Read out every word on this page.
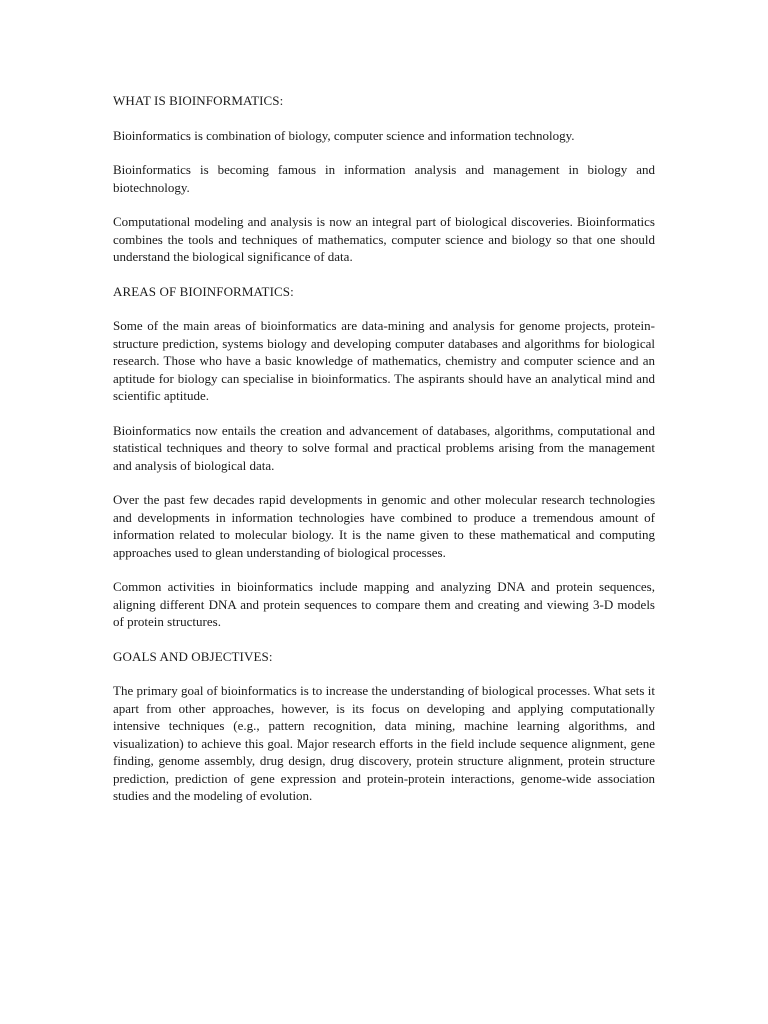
WHAT IS BIOINFORMATICS:

Bioinformatics is combination of biology, computer science and information technology.

Bioinformatics is becoming famous in information analysis and management in biology and biotechnology.

Computational modeling and analysis is now an integral part of biological discoveries. Bioinformatics combines the tools and techniques of mathematics, computer science and biology so that one should understand the biological significance of data.

AREAS OF BIOINFORMATICS:

Some of the main areas of bioinformatics are data-mining and analysis for genome projects, protein-structure prediction, systems biology and developing computer databases and algorithms for biological research. Those who have a basic knowledge of mathematics, chemistry and computer science and an aptitude for biology can specialise in bioinformatics. The aspirants should have an analytical mind and scientific aptitude.

Bioinformatics now entails the creation and advancement of databases, algorithms, computational and statistical techniques and theory to solve formal and practical problems arising from the management and analysis of biological data.

Over the past few decades rapid developments in genomic and other molecular research technologies and developments in information technologies have combined to produce a tremendous amount of information related to molecular biology. It is the name given to these mathematical and computing approaches used to glean understanding of biological processes.

Common activities in bioinformatics include mapping and analyzing DNA and protein sequences, aligning different DNA and protein sequences to compare them and creating and viewing 3-D models of protein structures.

GOALS AND OBJECTIVES:

The primary goal of bioinformatics is to increase the understanding of biological processes. What sets it apart from other approaches, however, is its focus on developing and applying computationally intensive techniques (e.g., pattern recognition, data mining, machine learning algorithms, and visualization) to achieve this goal. Major research efforts in the field include sequence alignment, gene finding, genome assembly, drug design, drug discovery, protein structure alignment, protein structure prediction, prediction of gene expression and protein-protein interactions, genome-wide association studies and the modeling of evolution.
